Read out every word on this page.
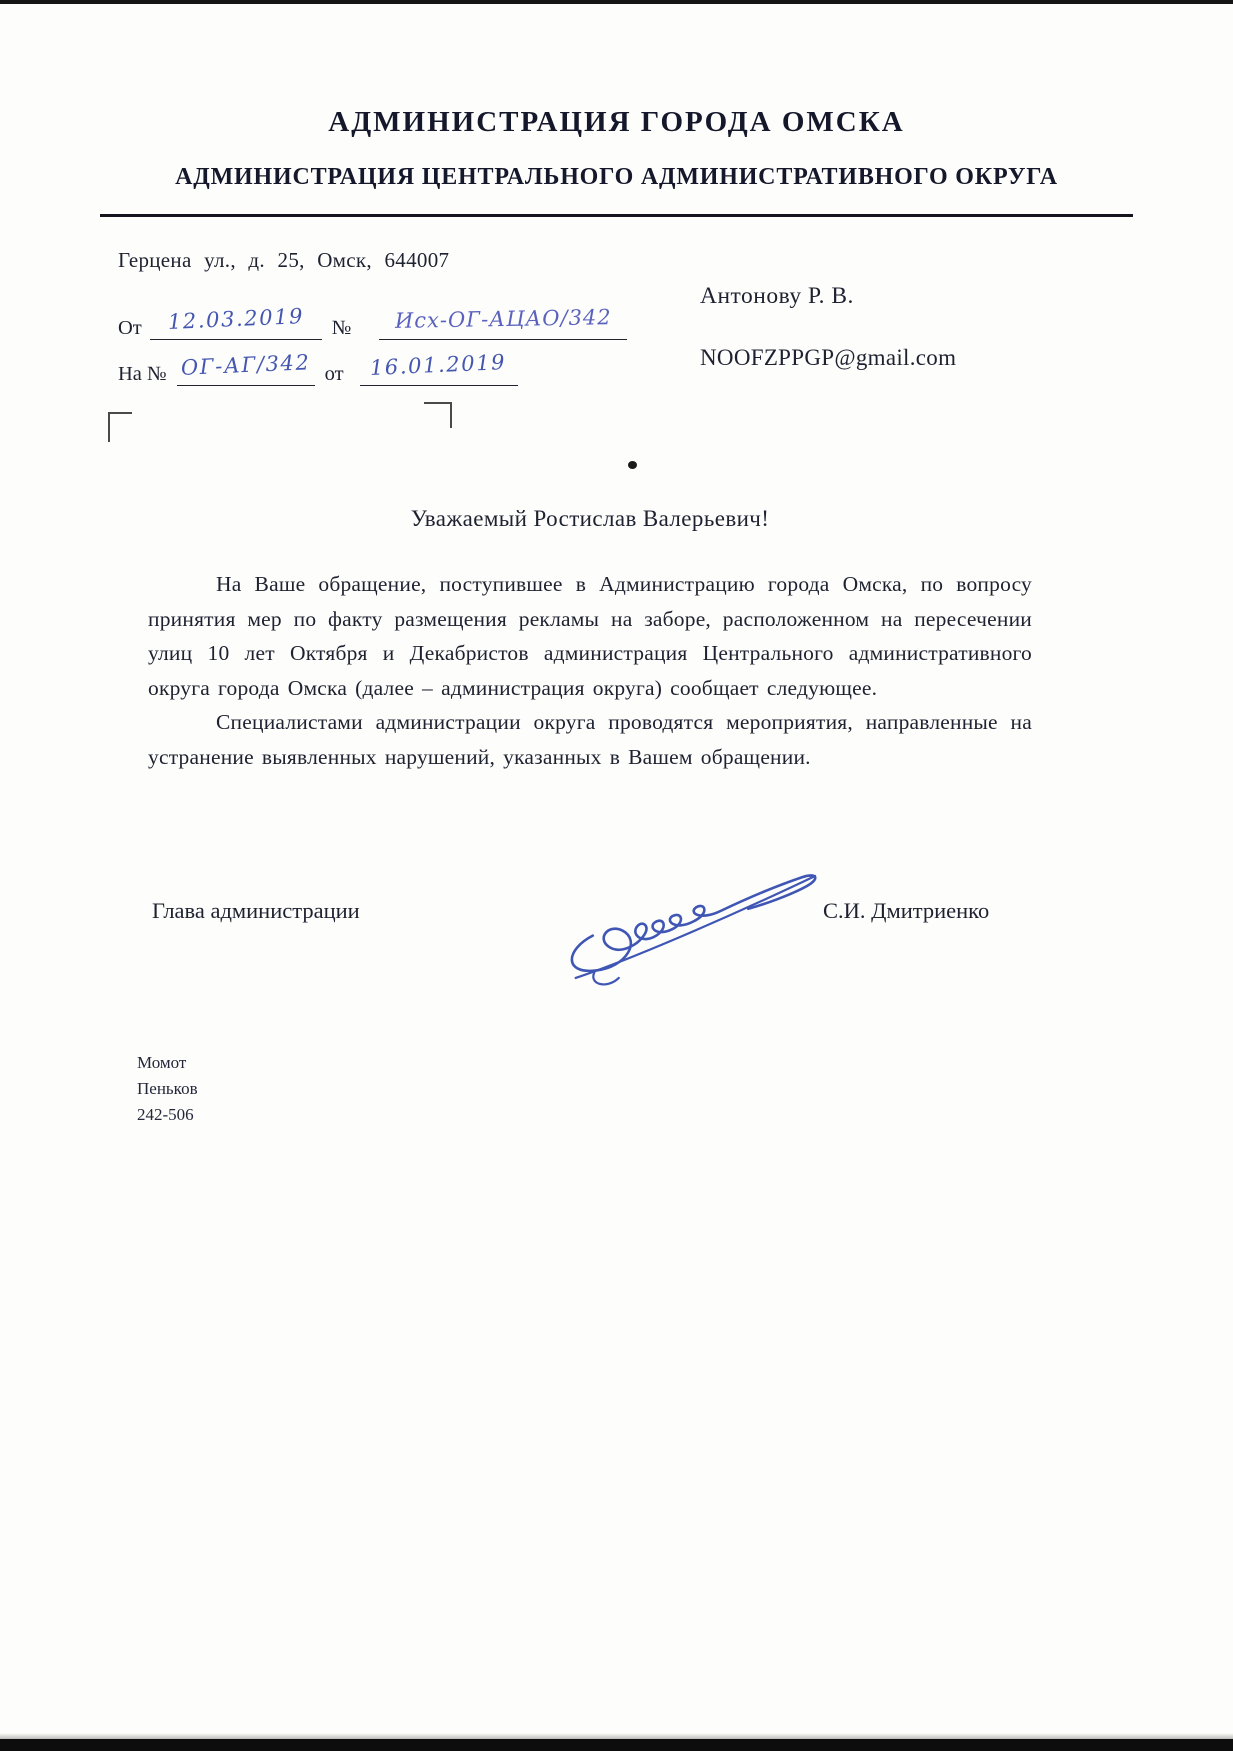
АДМИНИСТРАЦИЯ ГОРОДА ОМСКА
АДМИНИСТРАЦИЯ ЦЕНТРАЛЬНОГО АДМИНИСТРАТИВНОГО ОКРУГА
Герцена ул., д. 25, Омск, 644007
От 12.03.2019 № Исх-ОГ-АЦАО/342
На № ОГ-АГ/342 от 16.01.2019
Антонову Р. В.
NOOFZPPGP@gmail.com
Уважаемый Ростислав Валерьевич!

На Ваше обращение, поступившее в Администрацию города Омска, по вопросу принятия мер по факту размещения рекламы на заборе, расположенном на пересечении улиц 10 лет Октября и Декабристов администрация Центрального административного округа города Омска (далее – администрация округа) сообщает следующее.

Специалистами администрации округа проводятся мероприятия, направленные на устранение выявленных нарушений, указанных в Вашем обращении.

Глава администрации	С.И. Дмитриенко
Момот
Пеньков
242-506
